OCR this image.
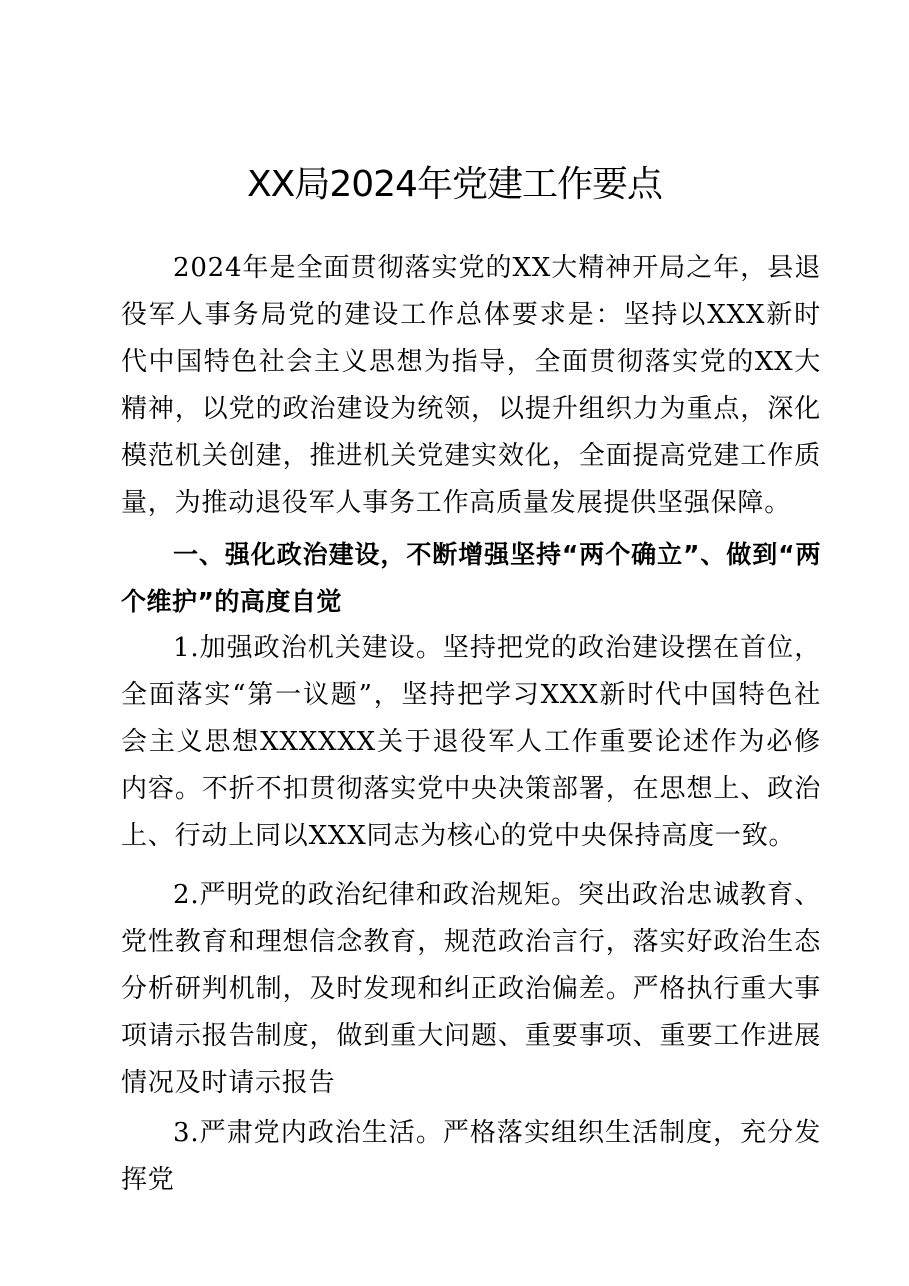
XX局2024年党建工作要点

2024年是全面贯彻落实党的XX大精神开局之年，县退役军人事务局党的建设工作总体要求是：坚持以XXX新时代中国特色社会主义思想为指导，全面贯彻落实党的XX大精神，以党的政治建设为统领，以提升组织力为重点，深化模范机关创建，推进机关党建实效化，全面提高党建工作质量，为推动退役军人事务工作高质量发展提供坚强保障。

一、强化政治建设，不断增强坚持“两个确立”、做到“两个维护”的高度自觉

1.加强政治机关建设。坚持把党的政治建设摆在首位，全面落实“第一议题”，坚持把学习XXX新时代中国特色社会主义思想XXXXXX关于退役军人工作重要论述作为必修内容。不折不扣贯彻落实党中央决策部署，在思想上、政治上、行动上同以XXX同志为核心的党中央保持高度一致。

2.严明党的政治纪律和政治规矩。突出政治忠诚教育、党性教育和理想信念教育，规范政治言行，落实好政治生态分析研判机制，及时发现和纠正政治偏差。严格执行重大事项请示报告制度，做到重大问题、重要事项、重要工作进展情况及时请示报告

3.严肃党内政治生活。严格落实组织生活制度，充分发挥党
